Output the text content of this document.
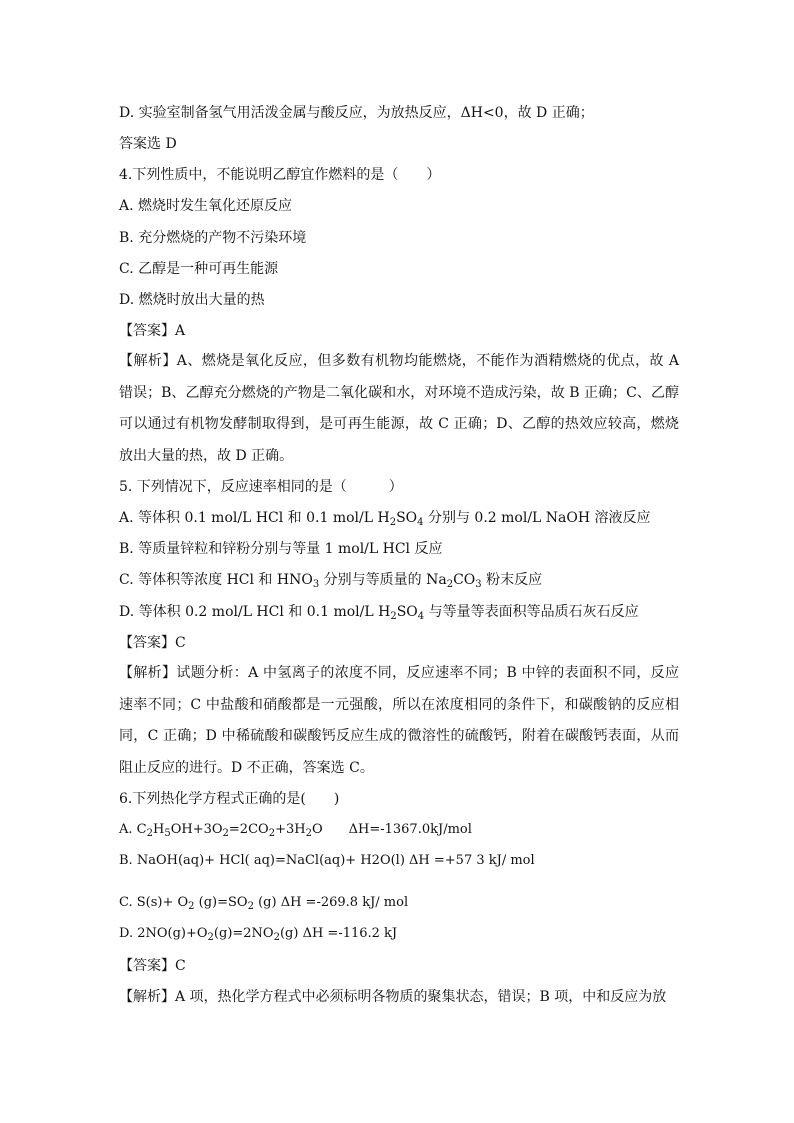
D. 实验室制备氢气用活泼金属与酸反应，为放热反应，ΔH<0，故 D 正确；
答案选 D
4.下列性质中，不能说明乙醇宜作燃料的是（　　）
A. 燃烧时发生氧化还原反应
B. 充分燃烧的产物不污染环境
C. 乙醇是一种可再生能源
D. 燃烧时放出大量的热
【答案】A
【解析】A、燃烧是氧化反应，但多数有机物均能燃烧，不能作为酒精燃烧的优点，故 A 错误；B、乙醇充分燃烧的产物是二氧化碳和水，对环境不造成污染，故 B 正确；C、乙醇可以通过有机物发酵制取得到，是可再生能源，故 C 正确；D、乙醇的热效应较高，燃烧放出大量的热，故 D 正确。
5. 下列情况下，反应速率相同的是（　　　）
A. 等体积 0.1 mol/L HCl 和 0.1 mol/L $H_2SO_4$ 分别与 0.2 mol/L NaOH 溶液反应
B. 等质量锌粒和锌粉分别与等量 1 mol/L HCl 反应
C. 等体积等浓度 HCl 和 $HNO_3$ 分别与等质量的 $Na_2CO_3$ 粉末反应
D. 等体积 0.2 mol/L HCl 和 0.1 mol/L $H_2SO_4$ 与等量等表面积等品质石灰石反应
【答案】C
【解析】试题分析：A 中氢离子的浓度不同，反应速率不同；B 中锌的表面积不同，反应速率不同；C 中盐酸和硝酸都是一元强酸，所以在浓度相同的条件下，和碳酸钠的反应相同，C 正确；D 中稀硫酸和碳酸钙反应生成的微溶性的硫酸钙，附着在碳酸钙表面，从而阻止反应的进行。D 不正确，答案选 C。
6.下列热化学方程式正确的是(　　)
A. $C_2H_5OH+3O_2=2CO_2+3H_2O$　　ΔH=-1367.0kJ/mol
B. NaOH(aq)+ HCl( aq)=NaCl(aq)+ H2O(l) ΔH =+57 3 kJ/ mol
C. $S(s)+ O_2$ $(g)=SO_2$ (g) ΔH =-269.8 kJ/ mol
D. $2NO(g)+O_2(g)=2NO_2(g)$ ΔH =-116.2 kJ
【答案】C
【解析】A 项，热化学方程式中必须标明各物质的聚集状态，错误；B 项，中和反应为放
